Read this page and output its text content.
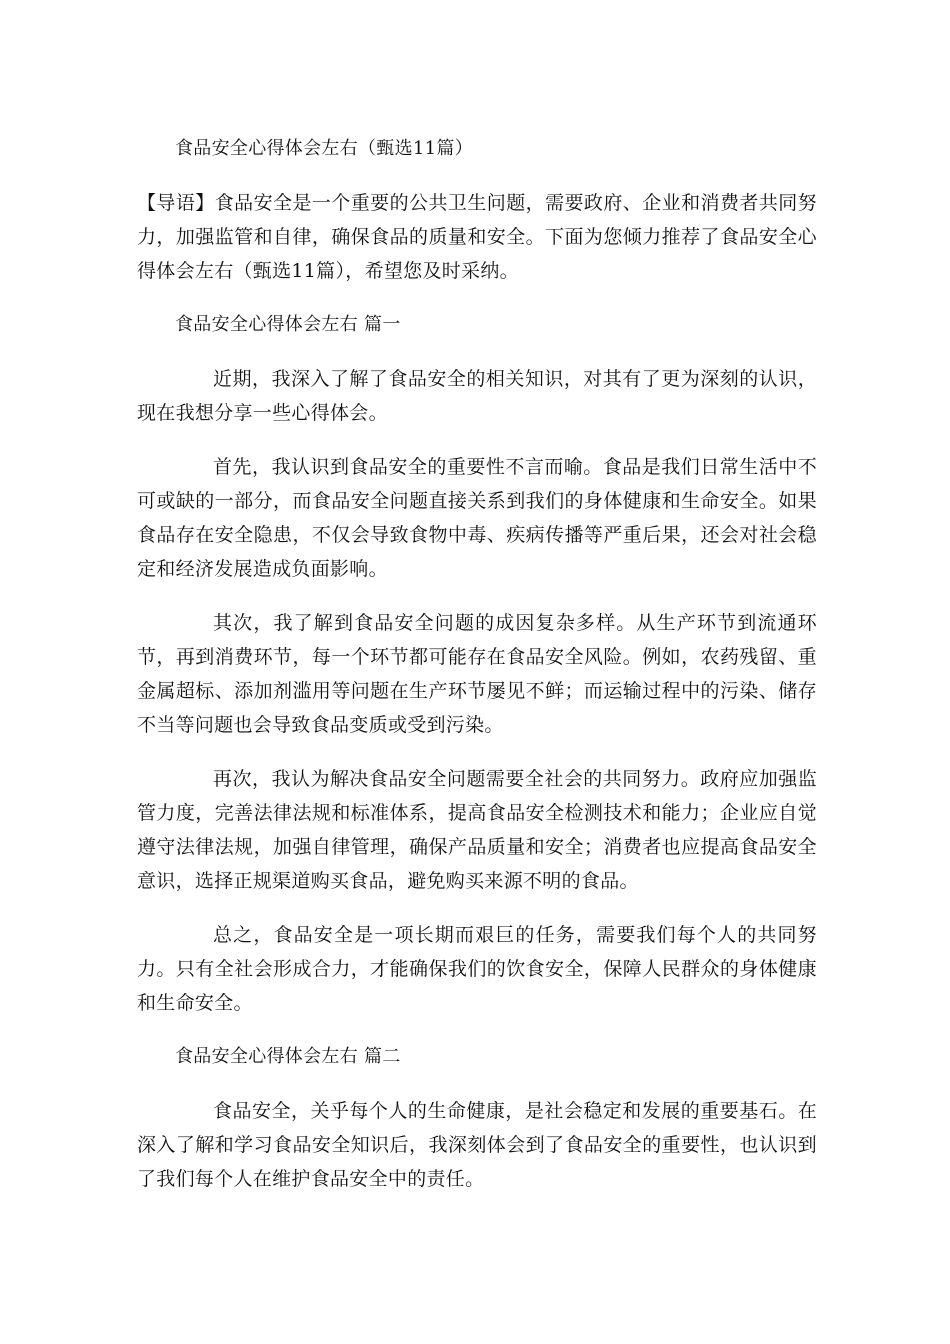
食品安全心得体会左右（甄选11篇）

【导语】食品安全是一个重要的公共卫生问题，需要政府、企业和消费者共同努力，加强监管和自律，确保食品的质量和安全。下面为您倾力推荐了食品安全心得体会左右（甄选11篇），希望您及时采纳。

食品安全心得体会左右 篇一

近期，我深入了解了食品安全的相关知识，对其有了更为深刻的认识，现在我想分享一些心得体会。

首先，我认识到食品安全的重要性不言而喻。食品是我们日常生活中不可或缺的一部分，而食品安全问题直接关系到我们的身体健康和生命安全。如果食品存在安全隐患，不仅会导致食物中毒、疾病传播等严重后果，还会对社会稳定和经济发展造成负面影响。

其次，我了解到食品安全问题的成因复杂多样。从生产环节到流通环节，再到消费环节，每一个环节都可能存在食品安全风险。例如，农药残留、重金属超标、添加剂滥用等问题在生产环节屡见不鲜；而运输过程中的污染、储存不当等问题也会导致食品变质或受到污染。

再次，我认为解决食品安全问题需要全社会的共同努力。政府应加强监管力度，完善法律法规和标准体系，提高食品安全检测技术和能力；企业应自觉遵守法律法规，加强自律管理，确保产品质量和安全；消费者也应提高食品安全意识，选择正规渠道购买食品，避免购买来源不明的食品。

总之，食品安全是一项长期而艰巨的任务，需要我们每个人的共同努力。只有全社会形成合力，才能确保我们的饮食安全，保障人民群众的身体健康和生命安全。

食品安全心得体会左右 篇二

食品安全，关乎每个人的生命健康，是社会稳定和发展的重要基石。在深入了解和学习食品安全知识后，我深刻体会到了食品安全的重要性，也认识到了我们每个人在维护食品安全中的责任。
